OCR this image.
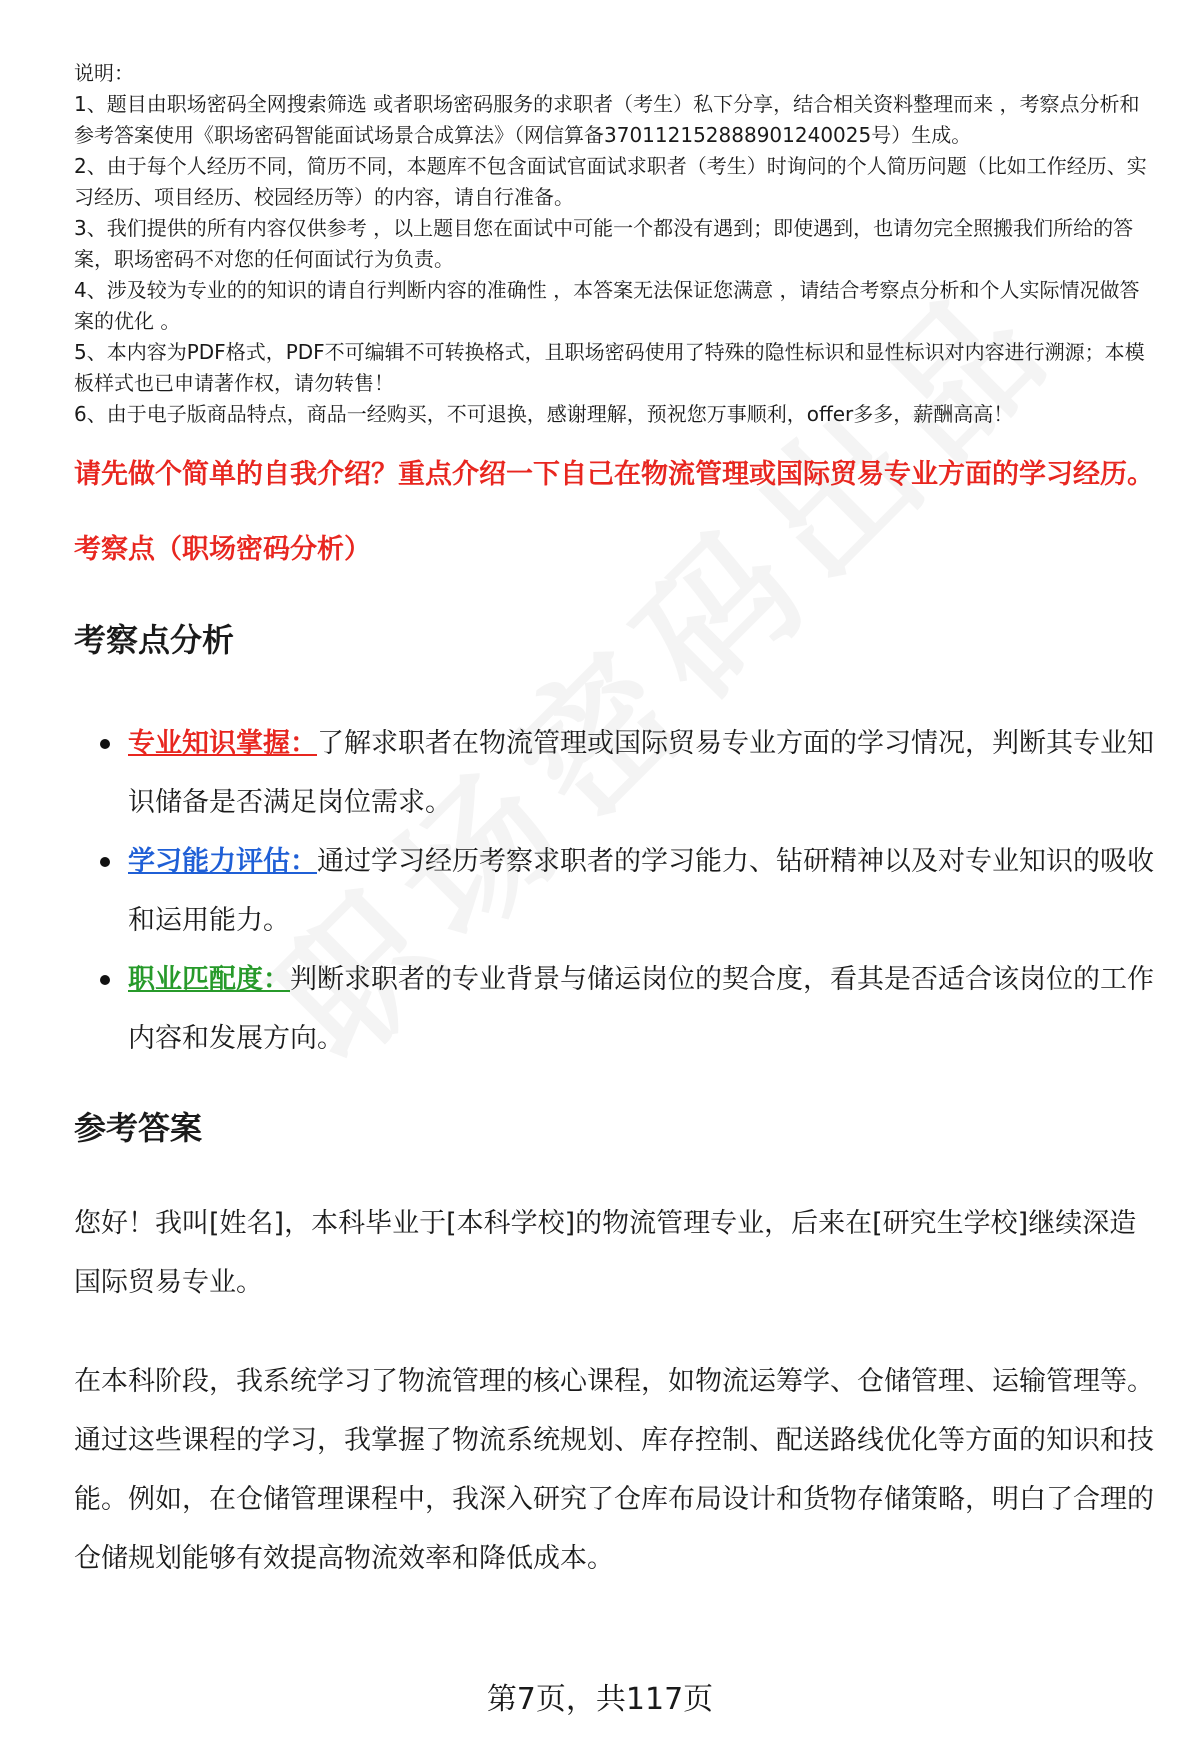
说明：

1、题目由职场密码全网搜索筛选 或者职场密码服务的求职者（考生）私下分享，结合相关资料整理而来 ，考察点分析和参考答案使用《职场密码智能面试场景合成算法》（网信算备370112152888901240025号）生成。

2、由于每个人经历不同，简历不同，本题库不包含面试官面试求职者（考生）时询问的个人简历问题（比如工作经历、实习经历、项目经历、校园经历等）的内容，请自行准备。

3、我们提供的所有内容仅供参考 ，以上题目您在面试中可能一个都没有遇到；即使遇到，也请勿完全照搬我们所给的答案，职场密码不对您的任何面试行为负责。

4、涉及较为专业的的知识的请自行判断内容的准确性 ，本答案无法保证您满意 ，请结合考察点分析和个人实际情况做答案的优化 。

5、本内容为PDF格式，PDF不可编辑不可转换格式，且职场密码使用了特殊的隐性标识和显性标识对内容进行溯源；本模板样式也已申请著作权，请勿转售！

6、由于电子版商品特点，商品一经购买，不可退换，感谢理解，预祝您万事顺利，offer多多，薪酬高高！

请先做个简单的自我介绍？重点介绍一下自己在物流管理或国际贸易专业方面的学习经历。
考察点（职场密码分析）
考察点分析
专业知识掌握：了解求职者在物流管理或国际贸易专业方面的学习情况，判断其专业知识储备是否满足岗位需求。
学习能力评估：通过学习经历考察求职者的学习能力、钻研精神以及对专业知识的吸收和运用能力。
职业匹配度：判断求职者的专业背景与储运岗位的契合度，看其是否适合该岗位的工作内容和发展方向。
参考答案

您好！我叫[姓名]，本科毕业于[本科学校]的物流管理专业，后来在[研究生学校]继续深造国际贸易专业。

在本科阶段，我系统学习了物流管理的核心课程，如物流运筹学、仓储管理、运输管理等。通过这些课程的学习，我掌握了物流系统规划、库存控制、配送路线优化等方面的知识和技能。例如，在仓储管理课程中，我深入研究了仓库布局设计和货物存储策略，明白了合理的仓储规划能够有效提高物流效率和降低成本。

第7页，共117页
